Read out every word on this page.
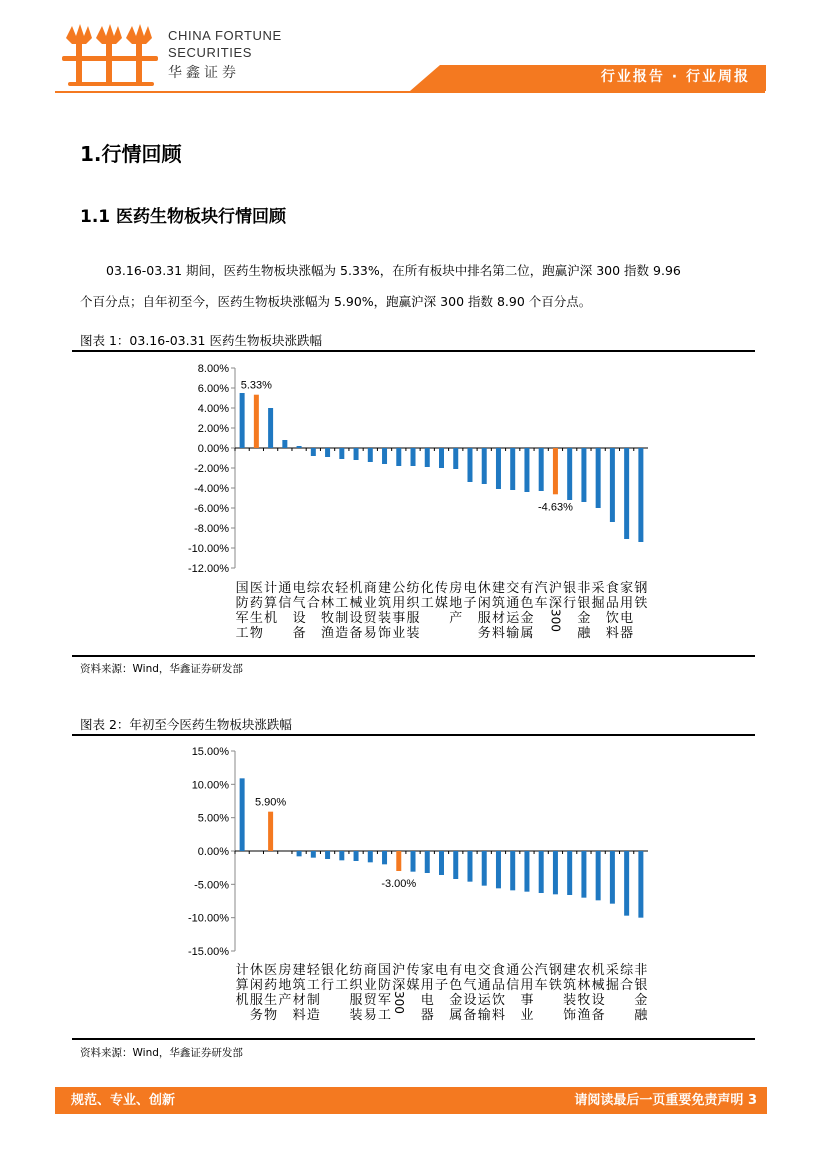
CHINA FORTUNE
SECURITIES
华鑫证券	行业报告 · 行业周报
1.行情回顾
1.1 医药生物板块行情回顾
03.16-03.31 期间，医药生物板块涨幅为 5.33%，在所有板块中排名第二位，跑赢沪深 300 指数 9.96
个百分点；自年初至今，医药生物板块涨幅为 5.90%，跑赢沪深 300 指数 8.90 个百分点。
图表 1：03.16-03.31 医药生物板块涨跌幅
8.00%
6.00%
4.00%
2.00%
0.00%
-2.00%
-4.00%
-6.00%
-8.00%
-10.00%
-12.00%
国
防
军
工
医
药
生
物
计
算
机
通
信
电
气
设
备
综
合
农
林
牧
渔
轻
工
制
造
机
械
设
备
商
业
贸
易
建
筑
装
饰
公
用
事
业
纺
织
服
装
化
工
传
媒
房
地
产
电
子
休
闲
服
务
建
筑
材
料
交
通
运
输
有
色
金
属
汽
车
沪
深
300
银
行
非
银
金
融
采
掘
食
品
饮
料
家
用
电
器
钢
铁
5.33%
-4.63%
资料来源：Wind，华鑫证券研发部
图表 2：年初至今医药生物板块涨跌幅
15.00%
10.00%
5.00%
0.00%
-5.00%
-10.00%
-15.00%
计
算
机
休
闲
服
务
医
药
生
物
房
地
产
建
筑
材
料
轻
工
制
造
银
行
化
工
纺
织
服
装
商
业
贸
易
国
防
军
工
沪
深
300
传
媒
家
用
电
器
电
子
有
色
金
属
电
气
设
备
交
通
运
输
食
品
饮
料
通
信
公
用
事
业
汽
车
钢
铁
建
筑
装
饰
农
林
牧
渔
机
械
设
备
采
掘
综
合
非
银
金
融
5.90%
-3.00%
资料来源：Wind，华鑫证券研发部
规范、专业、创新	请阅读最后一页重要免责声明 3
